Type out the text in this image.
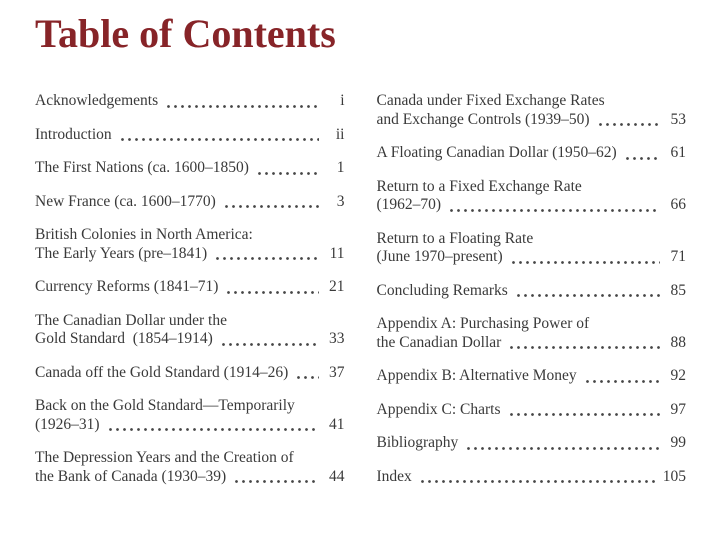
Table of Contents
Acknowledgements	i
Introduction	ii
The First Nations (ca. 1600–1850)	1
New France (ca. 1600–1770)	3
British Colonies in North America:
The Early Years (pre–1841)	11
Currency Reforms (1841–71)	21
The Canadian Dollar under the
Gold Standard  (1854–1914)	33
Canada off the Gold Standard (1914–26)	37
Back on the Gold Standard—Temporarily
(1926–31)	41
The Depression Years and the Creation of
the Bank of Canada (1930–39)	44
Canada under Fixed Exchange Rates
and Exchange Controls (1939–50)	53
A Floating Canadian Dollar (1950–62)	61
Return to a Fixed Exchange Rate
(1962–70)	66
Return to a Floating Rate
(June 1970–present)	71
Concluding Remarks	85
Appendix A: Purchasing Power of
the Canadian Dollar	88
Appendix B: Alternative Money	92
Appendix C: Charts	97
Bibliography	99
Index	105
